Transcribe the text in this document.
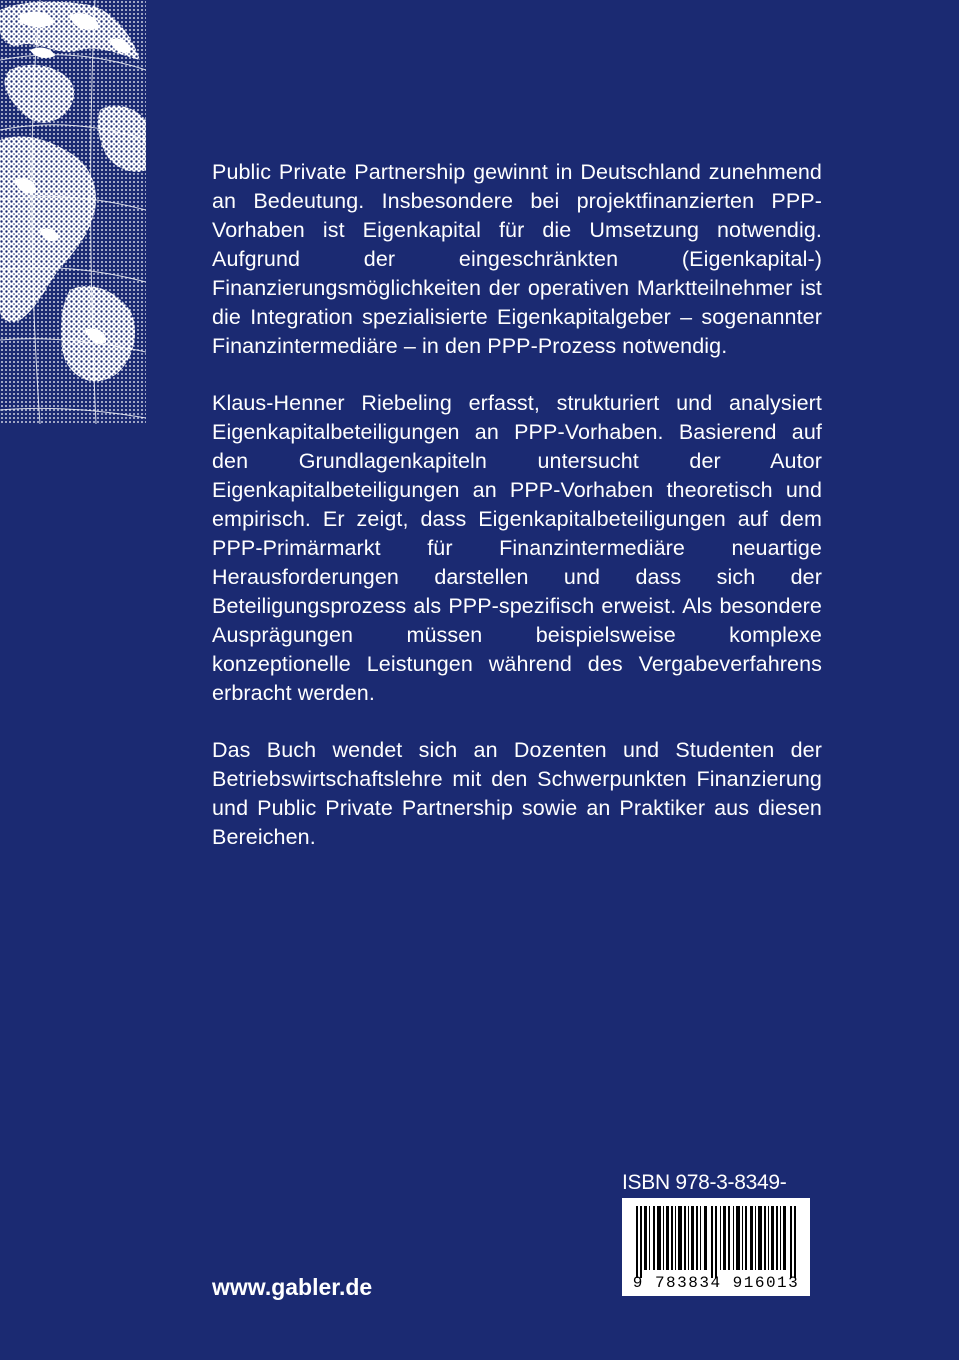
Public Private Partnership gewinnt in Deutschland zunehmend an Bedeutung. Insbesondere bei projektfinanzierten PPP-Vorhaben ist Eigenkapital für die Umsetzung notwendig. Aufgrund der eingeschränkten (Eigenkapital-) Finanzierungsmöglichkeiten der operativen Marktteilnehmer ist die Integration spezialisierte Eigenkapitalgeber – sogenannter Finanzintermediäre – in den PPP-Prozess notwendig.

Klaus-Henner Riebeling erfasst, strukturiert und analysiert Eigenkapitalbeteiligungen an PPP-Vorhaben. Basierend auf den Grundlagenkapiteln untersucht der Autor Eigenkapitalbeteiligungen an PPP-Vorhaben theoretisch und empirisch. Er zeigt, dass Eigenkapitalbeteiligungen auf dem PPP-Primärmarkt für Finanzintermediäre neuartige Herausforderungen darstellen und dass sich der Beteiligungsprozess als PPP-spezifisch erweist. Als besondere Ausprägungen müssen beispielsweise komplexe konzeptionelle Leistungen während des Vergabeverfahrens erbracht werden.

Das Buch wendet sich an Dozenten und Studenten der Betriebswirtschaftslehre mit den Schwerpunkten Finanzierung und Public Private Partnership sowie an Praktiker aus diesen Bereichen.

ISBN 978-3-8349-
9 783834 916013
www.gabler.de
